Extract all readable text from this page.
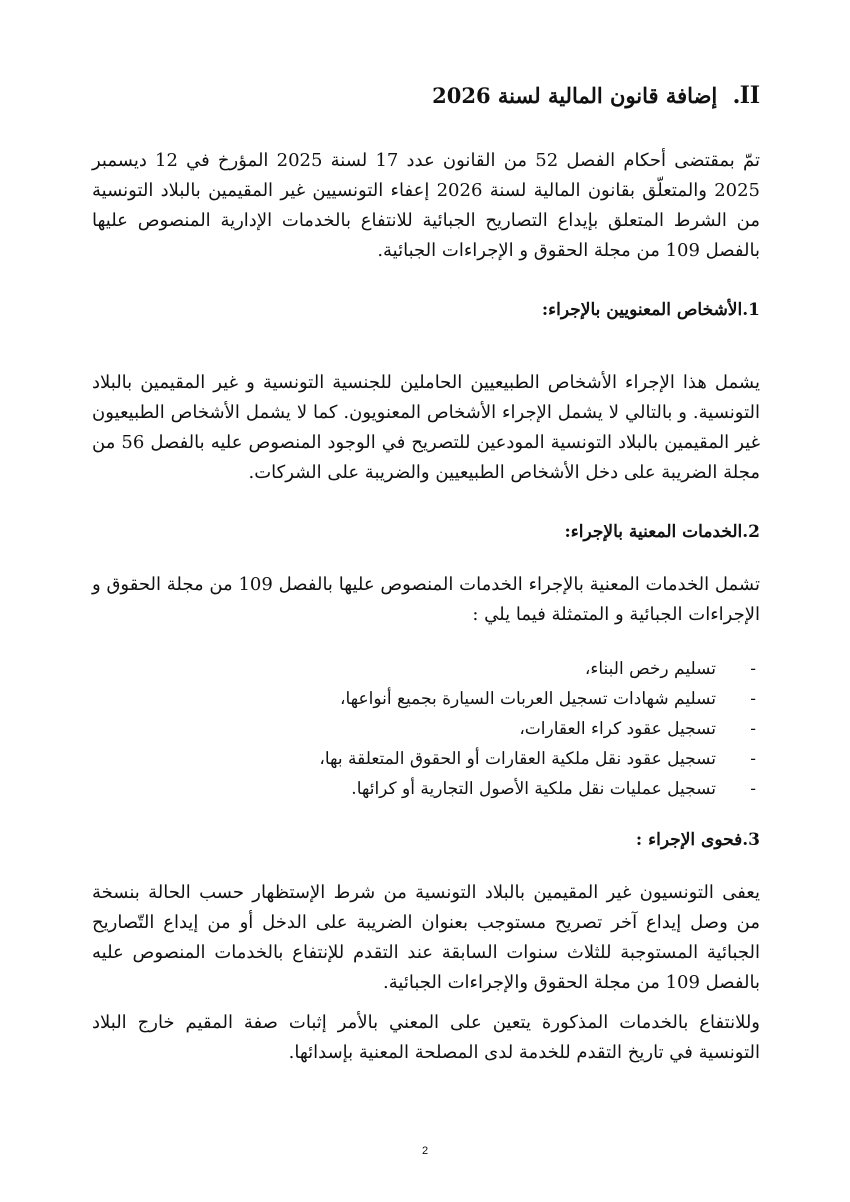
II.إضافة قانون المالية لسنة 2026

تمّ بمقتضى أحكام الفصل 52 من القانون عدد 17 لسنة 2025 المؤرخ في 12 ديسمبر 2025 والمتعلّق بقانون المالية لسنة 2026 إعفاء التونسيين غير المقيمين بالبلاد التونسية من الشرط المتعلق بإيداع التصاريح الجبائية للانتفاع بالخدمات الإدارية المنصوص عليها بالفصل 109 من مجلة الحقوق و الإجراءات الجبائية.

1.الأشخاص المعنويين بالإجراء:

يشمل هذا الإجراء الأشخاص الطبيعيين الحاملين للجنسية التونسية و غير المقيمين بالبلاد التونسية. و بالتالي لا يشمل الإجراء الأشخاص المعنويون. كما لا يشمل الأشخاص الطبيعيون غير المقيمين بالبلاد التونسية المودعين للتصريح في الوجود المنصوص عليه بالفصل 56 من مجلة الضريبة على دخل الأشخاص الطبيعيين والضريبة على الشركات.

2.الخدمات المعنية بالإجراء:

تشمل الخدمات المعنية بالإجراء الخدمات المنصوص عليها بالفصل 109 من مجلة الحقوق و الإجراءات الجبائية و المتمثلة فيما يلي :

-
تسليم رخص البناء،
-
تسليم شهادات تسجيل العربات السيارة بجميع أنواعها،
-
تسجيل عقود كراء العقارات،
-
تسجيل عقود نقل ملكية العقارات أو الحقوق المتعلقة بها،
-
تسجيل عمليات نقل ملكية الأصول التجارية أو كرائها.
3.فحوى الإجراء :

يعفى التونسيون غير المقيمين بالبلاد التونسية من شرط الإستظهار حسب الحالة بنسخة من وصل إيداع آخر تصريح مستوجب بعنوان الضريبة على الدخل أو من إيداع التّصاريح الجبائية المستوجبة للثلاث سنوات السابقة عند التقدم للإنتفاع بالخدمات المنصوص عليه بالفصل 109 من مجلة الحقوق والإجراءات الجبائية.

وللانتفاع بالخدمات المذكورة يتعين على المعني بالأمر إثبات صفة المقيم خارج البلاد التونسية في تاريخ التقدم للخدمة لدى المصلحة المعنية بإسدائها.

2
